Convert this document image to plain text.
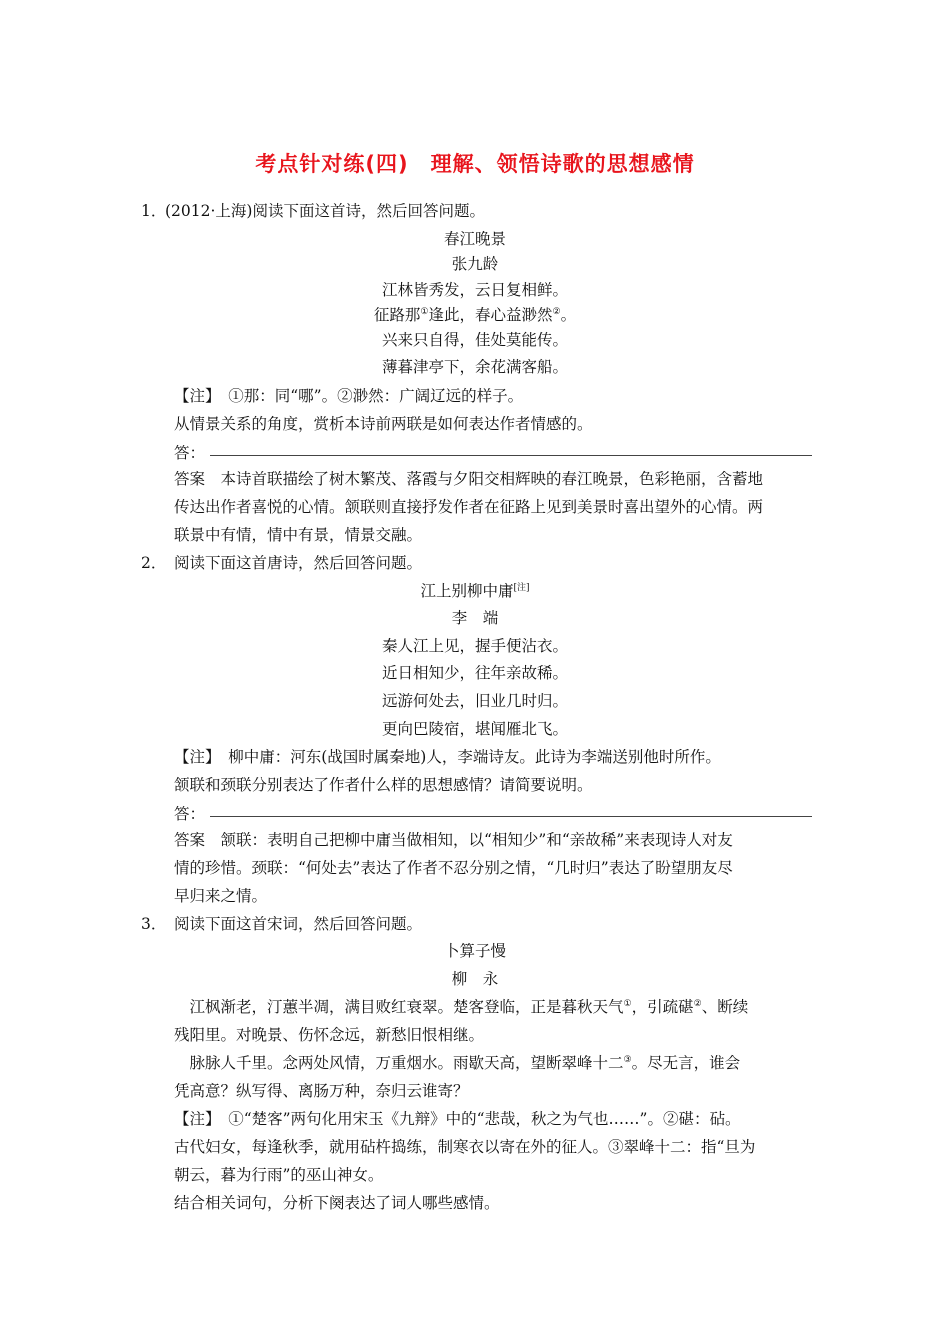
考点针对练(四)　理解、领悟诗歌的思想感情
1．
(2012·上海)阅读下面这首诗，然后回答问题。
春江晚景
张九龄
江林皆秀发，云日复相鲜。
征路那①逢此，春心益渺然②。
兴来只自得，佳处莫能传。
薄暮津亭下，余花满客船。
【注】　①那：同“哪”。②渺然：广阔辽远的样子。
从情景关系的角度，赏析本诗前两联是如何表达作者情感的。
答：
答案　本诗首联描绘了树木繁茂、落霞与夕阳交相辉映的春江晚景，色彩艳丽，含蓄地
传达出作者喜悦的心情。颔联则直接抒发作者在征路上见到美景时喜出望外的心情。两
联景中有情，情中有景，情景交融。
2． 阅读下面这首唐诗，然后回答问题。
江上别柳中庸[注]
李　端
秦人江上见，握手便沾衣。
近日相知少，往年亲故稀。
远游何处去，旧业几时归。
更向巴陵宿，堪闻雁北飞。
【注】　柳中庸：河东(战国时属秦地)人，李端诗友。此诗为李端送别他时所作。
颔联和颈联分别表达了作者什么样的思想感情？请简要说明。
答：
答案　颔联：表明自己把柳中庸当做相知，以“相知少”和“亲故稀”来表现诗人对友
情的珍惜。颈联：“何处去”表达了作者不忍分别之情，“几时归”表达了盼望朋友尽
早归来之情。
3． 阅读下面这首宋词，然后回答问题。
卜算子慢
柳　永
　江枫渐老，汀蕙半凋，满目败红衰翠。楚客登临，正是暮秋天气①，引疏碪②、断续
残阳里。对晚景、伤怀念远，新愁旧恨相继。
　脉脉人千里。念两处风情，万重烟水。雨歇天高，望断翠峰十二③。尽无言，谁会
凭高意？纵写得、离肠万种，奈归云谁寄？
【注】　①“楚客”两句化用宋玉《九辩》中的“悲哉，秋之为气也……”。②碪：砧。
古代妇女，每逢秋季，就用砧杵捣练，制寒衣以寄在外的征人。③翠峰十二：指“旦为
朝云，暮为行雨”的巫山神女。
结合相关词句，分析下阕表达了词人哪些感情。
